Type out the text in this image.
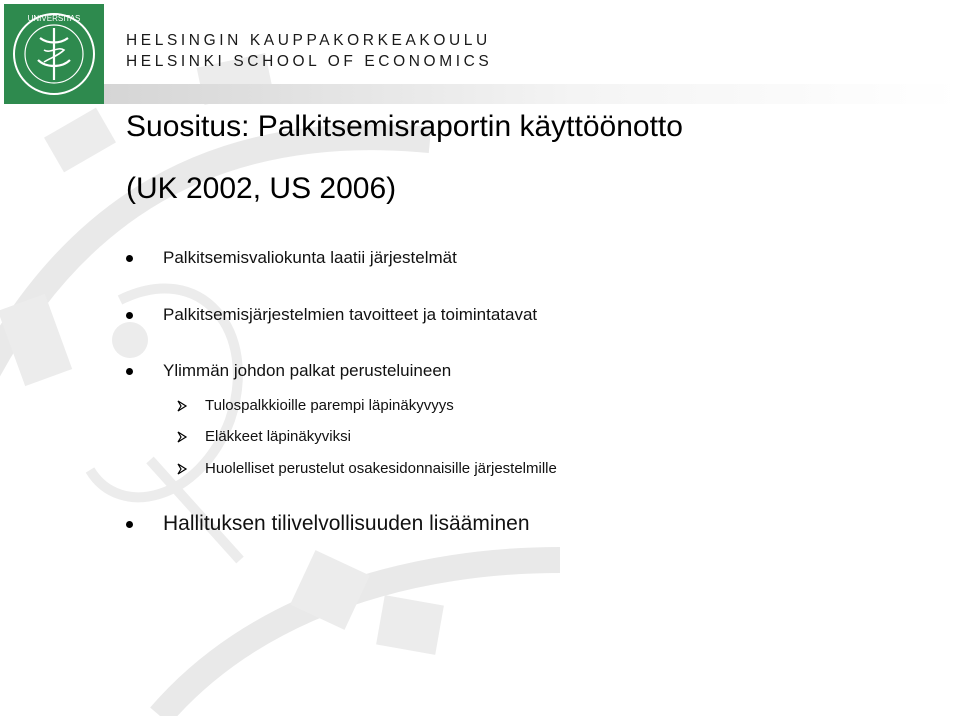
UNIVERSITAS

HELSINGIN KAUPPAKORKEAKOULU

HELSINKI SCHOOL OF ECONOMICS

Suositus: Palkitsemisraportin käyttöönotto
(UK 2002, US 2006)
Palkitsemisvaliokunta laatii järjestelmät
Palkitsemisjärjestelmien tavoitteet ja toimintatavat
Ylimmän johdon palkat perusteluineen
Tulospalkkioille parempi läpinäkyvyys
Eläkkeet läpinäkyviksi
Huolelliset perustelut osakesidonnaisille järjestelmille
Hallituksen tilivelvollisuuden lisääminen
